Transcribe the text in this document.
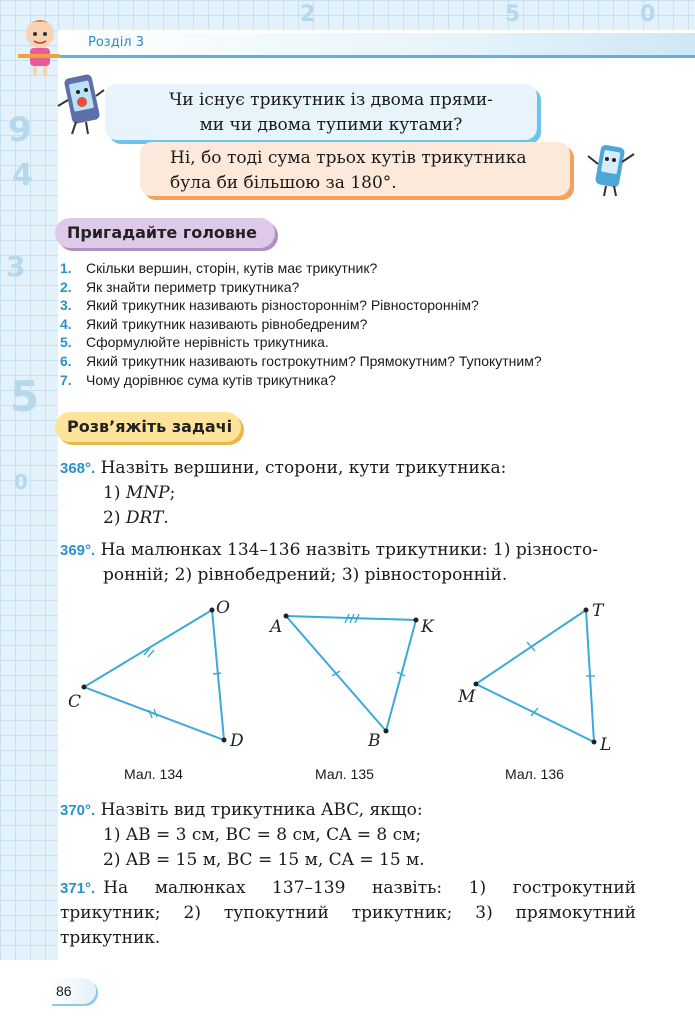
9
4
3
5
0
2	5	0
Розділ 3
Чи існує трикутник із двома прями-
ми чи двома тупими кутами?
Ні, бо тоді сума трьох кутів трикутника
була би більшою за 180°.
Пригадайте головне
1. Скільки вершин, сторін, кутів має трикутник?
2. Як знайти периметр трикутника?
3. Який трикутник називають різностороннім? Рівностороннім?
4. Який трикутник називають рівнобедреним?
5. Сформулюйте нерівність трикутника.
6. Який трикутник називають гострокутним? Прямокутним? Тупокутним?
7. Чому дорівнює сума кутів трикутника?
Розв’яжіть задачі
368°. Назвіть вершини, сторони, кути трикутника:
1) MNP;
2) DRT.
369°. На малюнках 134–136 назвіть трикутники: 1) різносто-
ронній; 2) рівнобедрений; 3) рівносторонній.
O
C
D
A	K
B
T
M
L
Мал. 134	Мал. 135	Мал. 136
370°. Назвіть вид трикутника ABC, якщо:
1) AB = 3 см, BC = 8 см, CA = 8 см;
2) AB = 15 м, BC = 15 м, CA = 15 м.
371°. На малюнках 137–139 назвіть: 1) гострокутний
трикутник; 2) тупокутний трикутник; 3) прямокутний
трикутник.
86
